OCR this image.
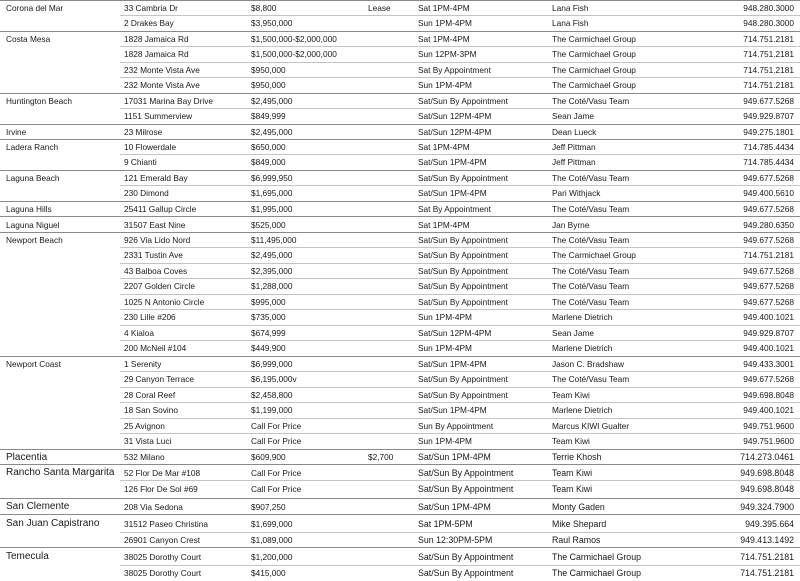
Corona del Mar	33 Cambria Dr	$8,800	Lease	Sat 1PM-4PM	Lana Fish	948.280.3000
2 Drakes Bay	$3,950,000	Sun 1PM-4PM	Lana Fish	948.280.3000
Costa Mesa	1828 Jamaica Rd	$1,500,000-$2,000,000	Sat 1PM-4PM	The Carmichael Group	714.751.2181
1828 Jamaica Rd	$1,500,000-$2,000,000	Sun 12PM-3PM	The Carmichael Group	714.751.2181
232 Monte Vista Ave	$950,000	Sat By Appointment	The Carmichael Group	714.751.2181
232 Monte Vista Ave	$950,000	Sun 1PM-4PM	The Carmichael Group	714.751.2181
Huntington Beach	17031 Marina Bay Drive	$2,495,000	Sat/Sun By Appointment	The Coté/Vasu Team	949.677.5268
1151 Summerview	$849,999	Sat/Sun 12PM-4PM	Sean Jame	949.929.8707
Irvine	23 Milrose	$2,495,000	Sat/Sun 12PM-4PM	Dean Lueck	949.275.1801
Ladera Ranch	10 Flowerdale	$650,000	Sat 1PM-4PM	Jeff Pittman	714.785.4434
9 Chianti	$849,000	Sat/Sun 1PM-4PM	Jeff Pittman	714.785.4434
Laguna Beach	121 Emerald Bay	$6,999,950	Sat/Sun By Appointment	The Coté/Vasu Team	949.677.5268
230 Dimond	$1,695,000	Sat/Sun 1PM-4PM	Pari Withjack	949.400.5610
Laguna Hills	25411 Gallup Circle	$1,995,000	Sat By Appointment	The Coté/Vasu Team	949.677.5268
Laguna Niguel	31507 East Nine	$525,000	Sat 1PM-4PM	Jan Byrne	949.280.6350
Newport Beach	926 Via Lido Nord	$11,495,000	Sat/Sun By Appointment	The Coté/Vasu Team	949.677.5268
2331 Tustin Ave	$2,495,000	Sat/Sun By Appointment	The Carmichael Group	714.751.2181
43 Balboa Coves	$2,395,000	Sat/Sun By Appointment	The Coté/Vasu Team	949.677.5268
2207 Golden Circle	$1,288,000	Sat/Sun By Appointment	The Coté/Vasu Team	949.677.5268
1025 N Antonio Circle	$995,000	Sat/Sun By Appointment	The Coté/Vasu Team	949.677.5268
230 Lille #206	$735,000	Sun 1PM-4PM	Marlene Dietrich	949.400.1021
4 Kialoa	$674,999	Sat/Sun 12PM-4PM	Sean Jame	949.929.8707
200 McNeil #104	$449,900	Sun 1PM-4PM	Marlene Dietrich	949.400.1021
Newport Coast	1 Serenity	$6,999,000	Sat/Sun 1PM-4PM	Jason C. Bradshaw	949.433.3001
29 Canyon Terrace	$6,195,000v	Sat/Sun By Appointment	The Coté/Vasu Team	949.677.5268
28 Coral Reef	$2,458,800	Sat/Sun By Appointment	Team Kiwi	949.698.8048
18 San Sovino	$1,199,000	Sat/Sun 1PM-4PM	Marlene Dietrich	949.400.1021
25 Avignon	Call For Price	Sun By Appointment	Marcus KIWI Gualter	949.751.9600
31 Vista Luci	Call For Price	Sun 1PM-4PM	Team Kiwi	949.751.9600
Placentia	532 Milano	$609,900	$2,700	Sat/Sun 1PM-4PM	Terrie Khosh	714.273.0461
Rancho Santa Margarita	52 Flor De Mar #108	Call For Price	Sat/Sun By Appointment	Team Kiwi	949.698.8048
126 Flor De Sol #69	Call For Price	Sat/Sun By Appointment	Team Kiwi	949.698.8048
San Clemente	208 Via Sedona	$907,250	Sat/Sun 1PM-4PM	Monty Gaden	949.324.7900
San Juan Capistrano	31512 Paseo Christina	$1,699,000	Sat 1PM-5PM	Mike Shepard	949.395.664
26901 Canyon Crest	$1,089,000	Sun 12:30PM-5PM	Raul Ramos	949.413.1492
Temecula	38025 Dorothy Court	$1,200,000	Sat/Sun By Appointment	The Carmichael Group	714.751.2181
38025 Dorothy Court	$415,000	Sat/Sun By Appointment	The Carmichael Group	714.751.2181
